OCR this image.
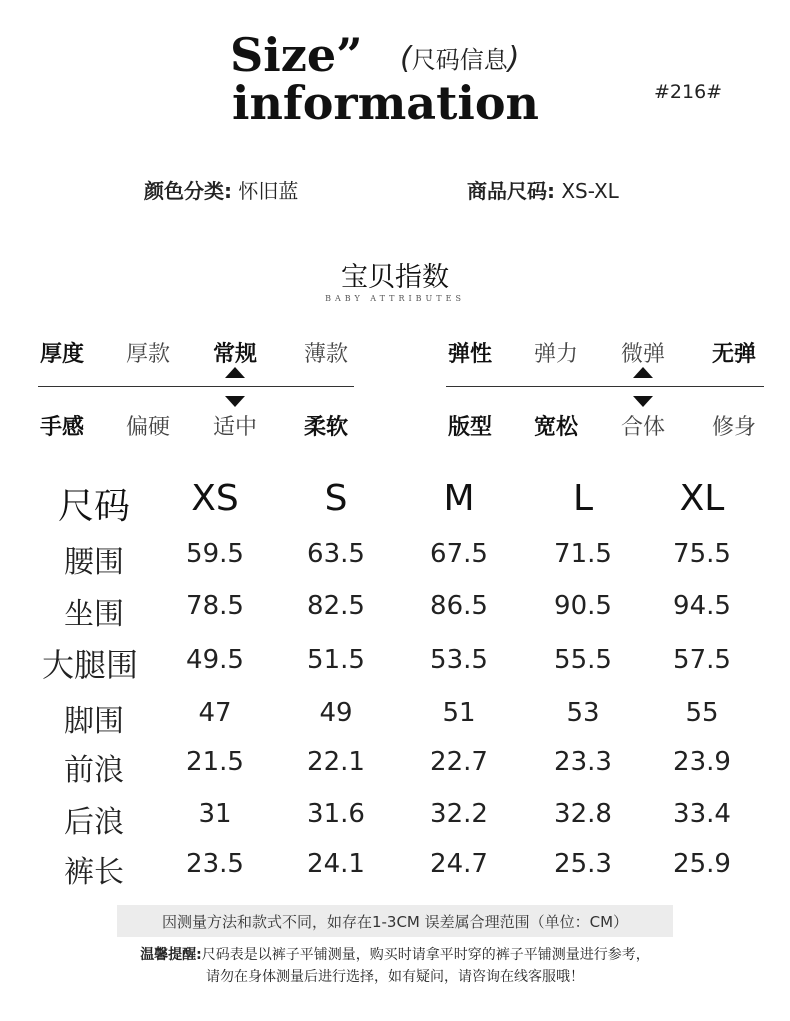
Size”
information
(尺码信息)
#216#
颜色分类: 怀旧蓝	商品尺码: XS-XL
宝贝指数
BABY ATTRIBUTES
厚度 厚款 常规 薄款	弹性 弹力 微弹 无弹
手感 偏硬 适中 柔软	版型 宽松 合体 修身
尺码 XS S	M	L XL
腰围 59.5 63.5	67.5	71.5 75.5
坐围 78.5 82.5	86.5	90.5 94.5
大腿围 49.5 51.5	53.5	55.5 57.5
脚围	47	49	51	53	55
前浪 21.5 22.1	22.7	23.3 23.9
后浪	31	31.6	32.2	32.8 33.4
裤长 23.5 24.1	24.7	25.3 25.9
因测量方法和款式不同，如存在1-3CM 误差属合理范围（单位：CM）
温馨提醒:尺码表是以裤子平铺测量，购买时请拿平时穿的裤子平铺测量进行参考，
请勿在身体测量后进行选择，如有疑问，请咨询在线客服哦！
